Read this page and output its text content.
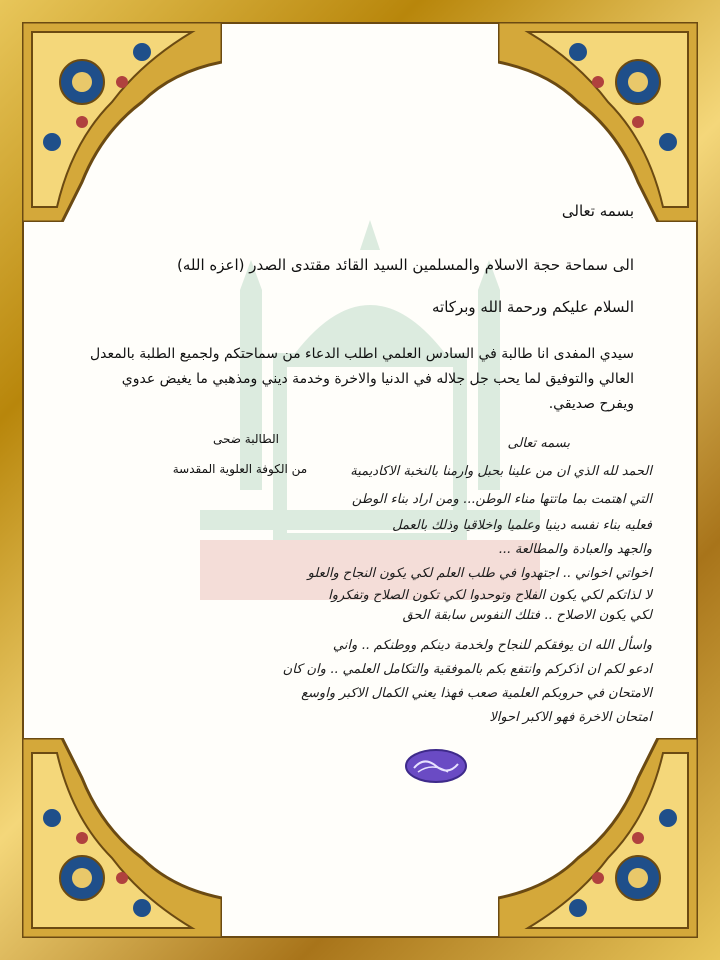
بسمه تعالى
الى سماحة حجة الاسلام والمسلمين السيد القائد مقتدى الصدر (اعزه الله)
السلام عليكم ورحمة الله وبركاته
سيدي المفدى انا طالبة في السادس العلمي اطلب الدعاء من سماحتكم ولجميع الطلبة بالمعدل العالي والتوفيق لما يحب جل جلاله في الدنيا والاخرة وخدمة ديني ومذهبي ما يغيض عدوي ويفرح صديقي.
الطالبة ضحى
من الكوفة العلوية المقدسة
بسمه تعالى
الحمد لله الذي ان من علينا بحبل وارمنا بالنخبة الاكاديمية
التي اهتمت بما ماتتها مناء الوطن... ومن اراد بناء الوطن
فعليه بناء نفسه دينيا وعلميا واخلاقيا وذلك بالعمل
والجهد والعبادة والمطالعة ...
اخواتي اخواني .. اجتهدوا في طلب العلم لكي يكون النجاح والعلو
لا لذاتكم لكي يكون الفلاح وتوحدوا لكي تكون الصلاح وتفكروا
لكي يكون الاصلاح .. فتلك النفوس سابقة الحق
واسأل الله ان يوفقكم للنجاح ولخدمة دينكم ووطنكم .. واني
ادعو لكم ان اذكركم وانتفع بكم بالموفقية والتكامل العلمي .. وان كان
الامتحان في حروبكم العلمية صعب فهذا يعني الكمال الاكبر واوسع
امتحان الاخرة فهو الاكبر احوالا
